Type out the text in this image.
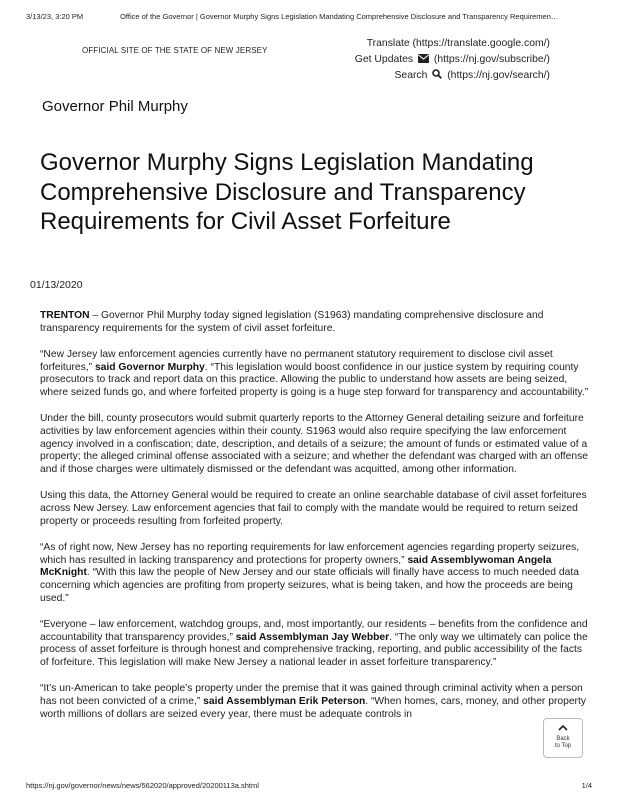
3/13/23, 3:20 PM	Office of the Governor | Governor Murphy Signs Legislation Mandating Comprehensive Disclosure and Transparency Requiremen…
OFFICIAL SITE OF THE STATE OF NEW JERSEY
Translate (https://translate.google.com/)
Get Updates (https://nj.gov/subscribe/)
Search (https://nj.gov/search/)
Governor Phil Murphy
Governor Murphy Signs Legislation Mandating Comprehensive Disclosure and Transparency Requirements for Civil Asset Forfeiture
01/13/2020

TRENTON – Governor Phil Murphy today signed legislation (S1963) mandating comprehensive disclosure and transparency requirements for the system of civil asset forfeiture.

“New Jersey law enforcement agencies currently have no permanent statutory requirement to disclose civil asset forfeitures,” said Governor Murphy. “This legislation would boost confidence in our justice system by requiring county prosecutors to track and report data on this practice. Allowing the public to understand how assets are being seized, where seized funds go, and where forfeited property is going is a huge step forward for transparency and accountability.”

Under the bill, county prosecutors would submit quarterly reports to the Attorney General detailing seizure and forfeiture activities by law enforcement agencies within their county. S1963 would also require specifying the law enforcement agency involved in a confiscation; date, description, and details of a seizure; the amount of funds or estimated value of a property; the alleged criminal offense associated with a seizure; and whether the defendant was charged with an offense and if those charges were ultimately dismissed or the defendant was acquitted, among other information.

Using this data, the Attorney General would be required to create an online searchable database of civil asset forfeitures across New Jersey. Law enforcement agencies that fail to comply with the mandate would be required to return seized property or proceeds resulting from forfeited property.

“As of right now, New Jersey has no reporting requirements for law enforcement agencies regarding property seizures, which has resulted in lacking transparency and protections for property owners,” said Assemblywoman Angela McKnight. “With this law the people of New Jersey and our state officials will finally have access to much needed data concerning which agencies are profiting from property seizures, what is being taken, and how the proceeds are being used.”

“Everyone – law enforcement, watchdog groups, and, most importantly, our residents – benefits from the confidence and accountability that transparency provides,” said Assemblyman Jay Webber. “The only way we ultimately can police the process of asset forfeiture is through honest and comprehensive tracking, reporting, and public accessibility of the facts of forfeiture. This legislation will make New Jersey a national leader in asset forfeiture transparency.”

“It’s un-American to take people’s property under the premise that it was gained through criminal activity when a person has not been convicted of a crime,” said Assemblyman Erik Peterson. “When homes, cars, money, and other property worth millions of dollars are seized every year, there must be adequate controls in

Back
to Top
https://nj.gov/governor/news/news/562020/approved/20200113a.shtml	1/4
